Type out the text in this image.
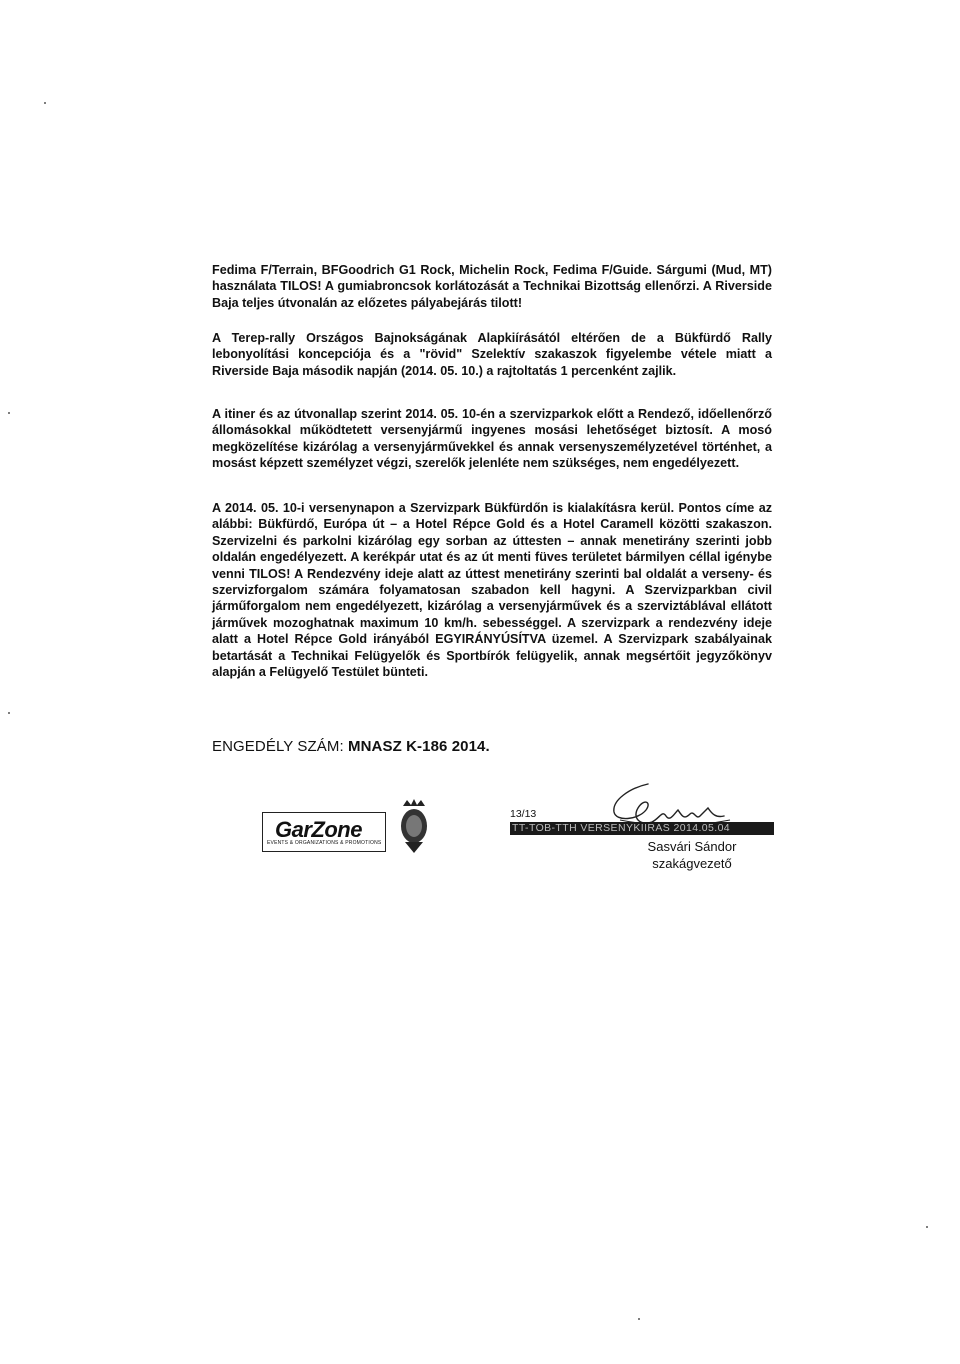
Fedima F/Terrain, BFGoodrich G1 Rock, Michelin Rock, Fedima F/Guide. Sárgumi (Mud, MT) használata TILOS! A gumiabroncsok korlátozását a Technikai Bizottság ellenőrzi. A Riverside Baja teljes útvonalán az előzetes pályabejárás tilott!

A Terep-rally Országos Bajnokságának Alapkiírásától eltérően de a Bükfürdő Rally lebonyolítási koncepciója és a "rövid" Szelektív szakaszok figyelembe vétele miatt a Riverside Baja második napján (2014. 05. 10.) a rajtoltatás 1 percenként zajlik.

A itiner és az útvonallap szerint 2014. 05. 10-én a szervizparkok előtt a Rendező, időellenőrző állomásokkal működtetett versenyjármű ingyenes mosási lehetőséget biztosít. A mosó megközelítése kizárólag a versenyjárművekkel és annak versenyszemélyzetével történhet, a mosást képzett személyzet végzi, szerelők jelenléte nem szükséges, nem engedélyezett.

A 2014. 05. 10-i versenynapon a Szervizpark Bükfürdőn is kialakításra kerül. Pontos címe az alábbi: Bükfürdő, Európa út – a Hotel Répce Gold és a Hotel Caramell közötti szakaszon. Szervizelni és parkolni kizárólag egy sorban az úttesten – annak menetirány szerinti jobb oldalán engedélyezett. A kerékpár utat és az út menti füves területet bármilyen céllal igénybe venni TILOS! A Rendezvény ideje alatt az úttest menetirány szerinti bal oldalát a verseny- és szervizforgalom számára folyamatosan szabadon kell hagyni. A Szervizparkban civil járműforgalom nem engedélyezett, kizárólag a versenyjárművek és a szerviztáblával ellátott járművek mozoghatnak maximum 10 km/h. sebességgel. A szervizpark a rendezvény ideje alatt a Hotel Répce Gold irányából EGYIRÁNYÚSÍTVA üzemel. A Szervizpark szabályainak betartását a Technikai Felügyelők és Sportbírók felügyelik, annak megsértőit jegyzőkönyv alapján a Felügyelő Testület bünteti.

ENGEDÉLY SZÁM: MNASZ K-186 2014.
Sasvári Sándor
szakágvezető
GarZone
EVENTS & ORGANIZATIONS & PROMOTIONS
13/13
TT-TOB-TTH VERSENYKIIRAS 2014.05.04
